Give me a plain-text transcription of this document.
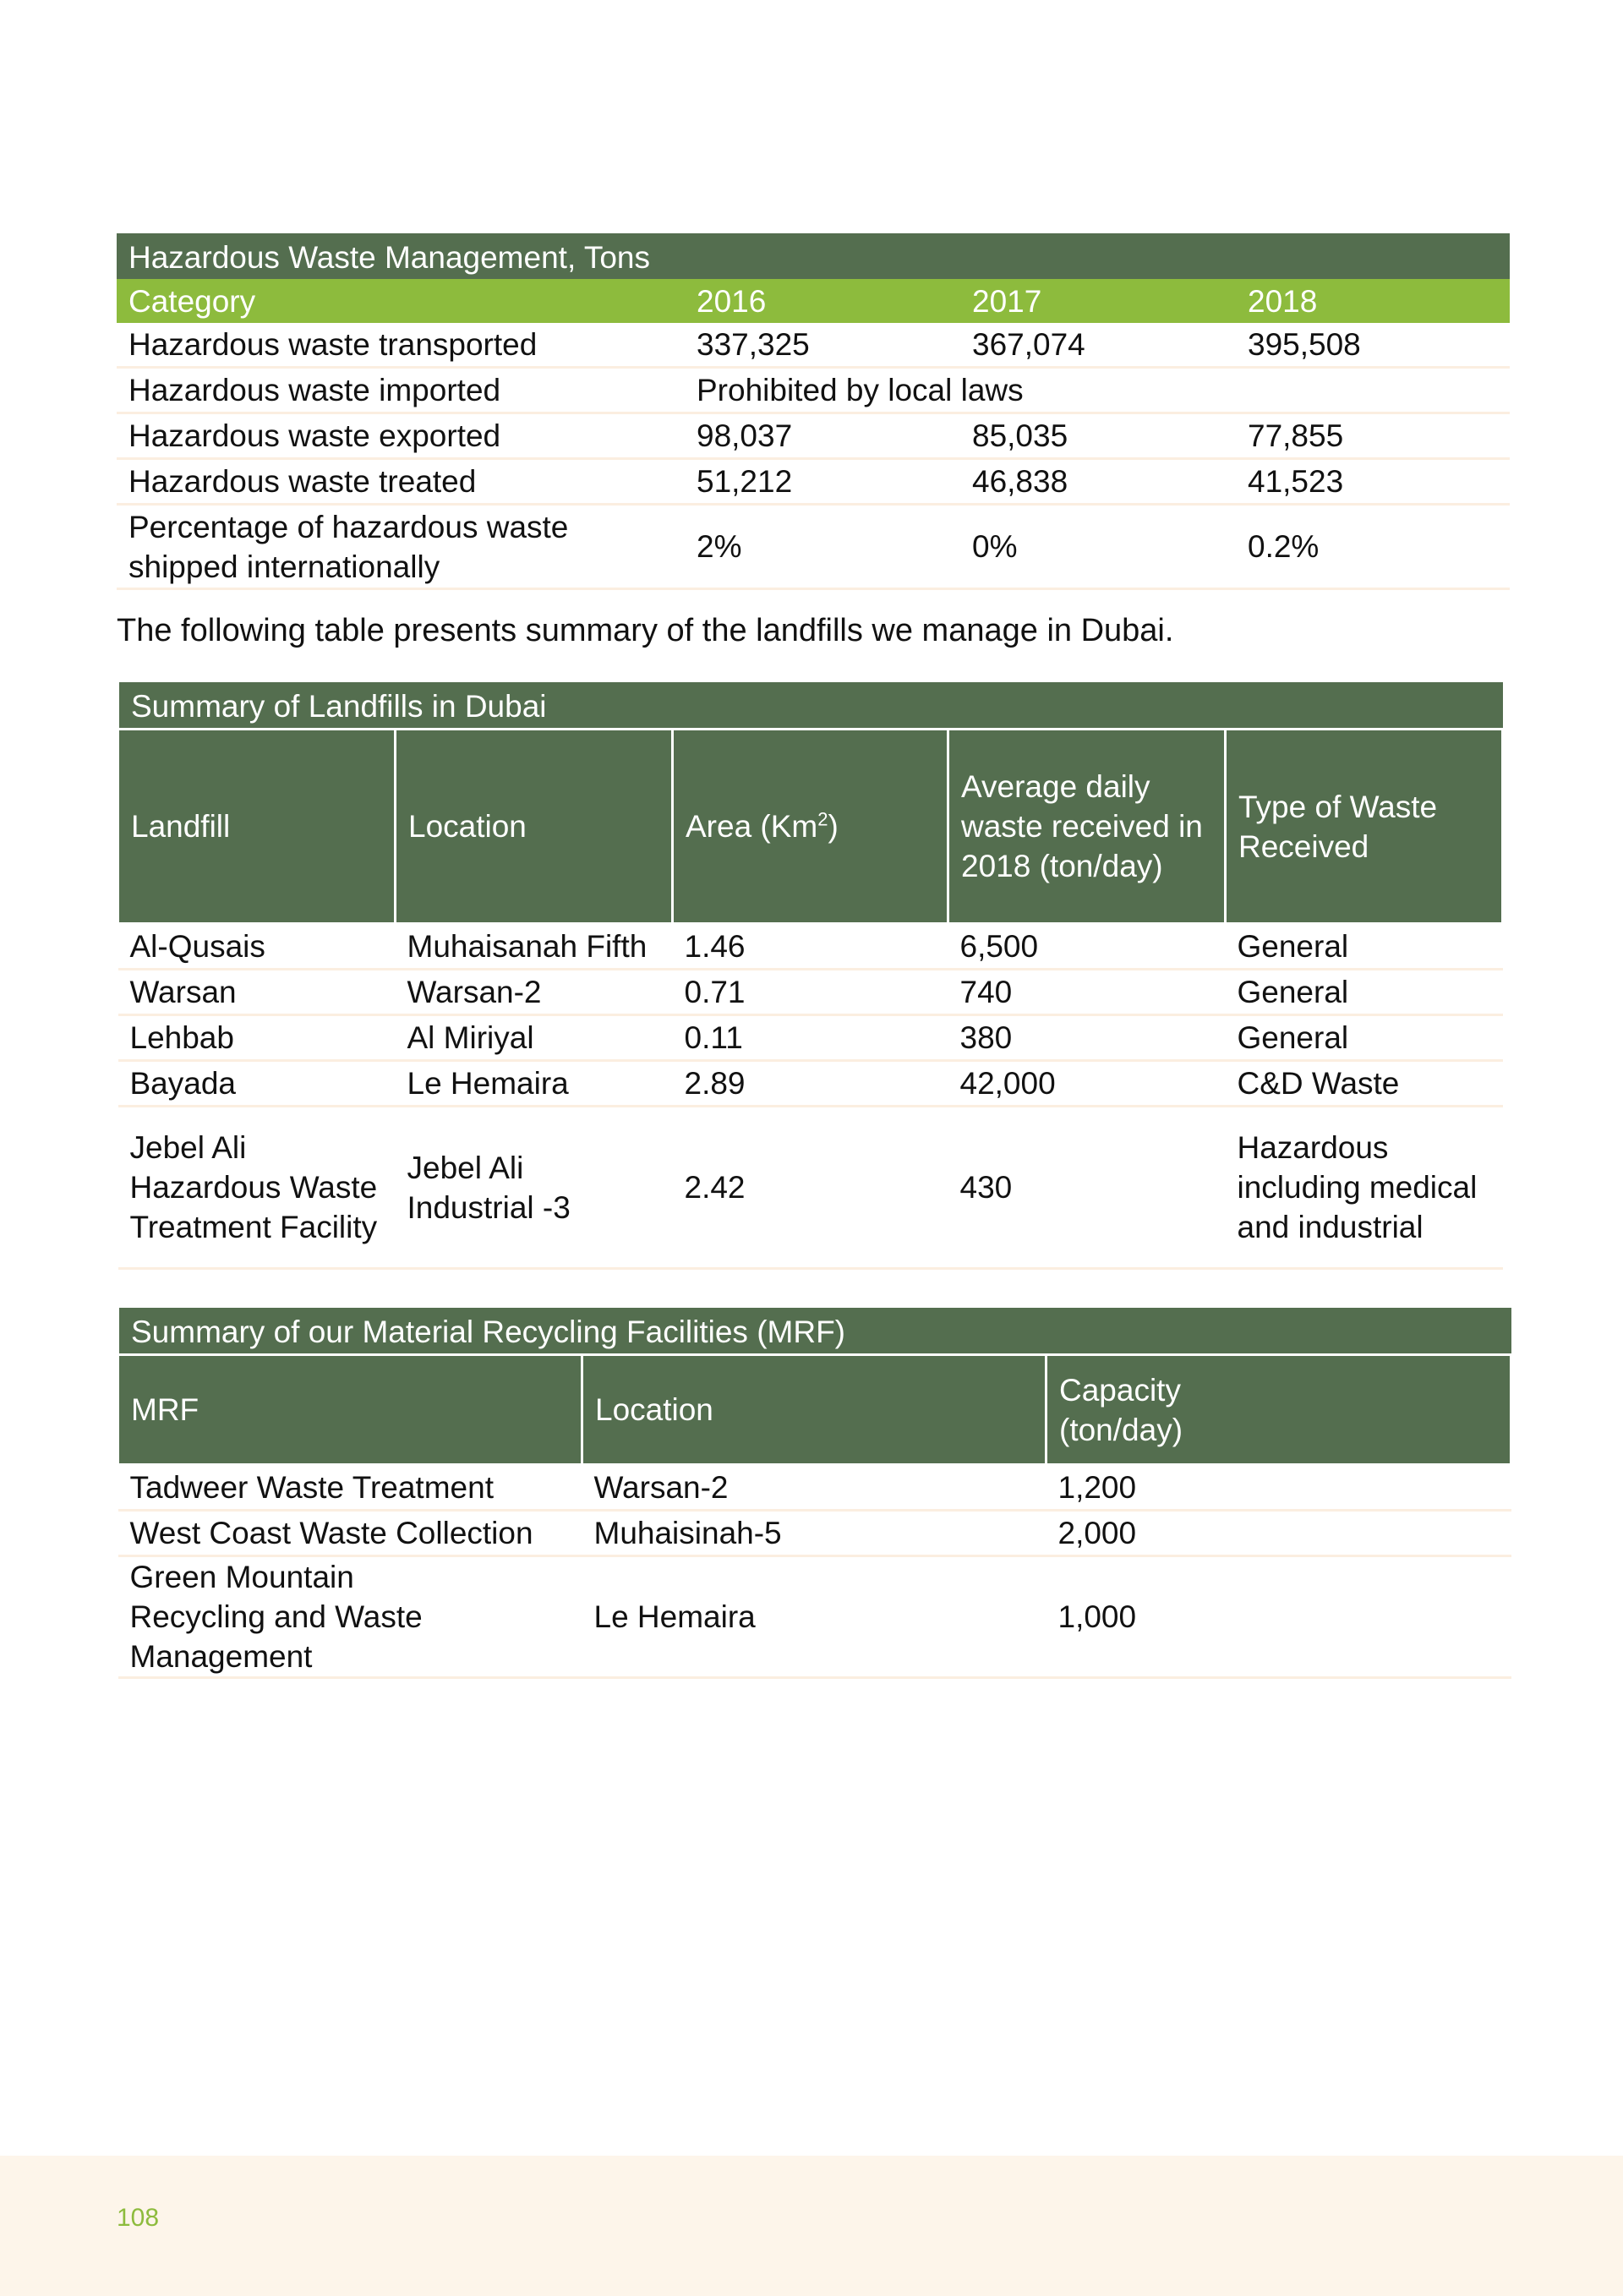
Hazardous Waste Management, Tons			
Category	2016	2017	2018
Hazardous waste transported	337,325	367,074	395,508
Hazardous waste imported	Prohibited by local laws		
Hazardous waste exported	98,037	85,035	77,855
Hazardous waste treated	51,212	46,838	41,523
Percentage of hazardous waste shipped internationally	2%	0%	0.2%
The following table presents summary of the landfills we manage in Dubai.
Summary of Landfills in Dubai				
Landfill	Location	Area (Km$^2$)	Average daily waste received in 2018 (ton/day)	Type of Waste Received
Al-Qusais	Muhaisanah Fifth	1.46	6,500	General
Warsan	Warsan-2	0.71	740	General
Lehbab	Al Miriyal	0.11	380	General
Bayada	Le Hemaira	2.89	42,000	C&D Waste
Jebel Ali Hazardous Waste Treatment Facility	Jebel Ali Industrial -3	2.42	430	Hazardous including medical and industrial
Summary of our Material Recycling Facilities (MRF)		
MRF	Location	Capacity (ton/day)
Tadweer Waste Treatment	Warsan-2	1,200
West Coast Waste Collection	Muhaisinah-5	2,000
Green Mountain Recycling and Waste Management	Le Hemaira	1,000
108
